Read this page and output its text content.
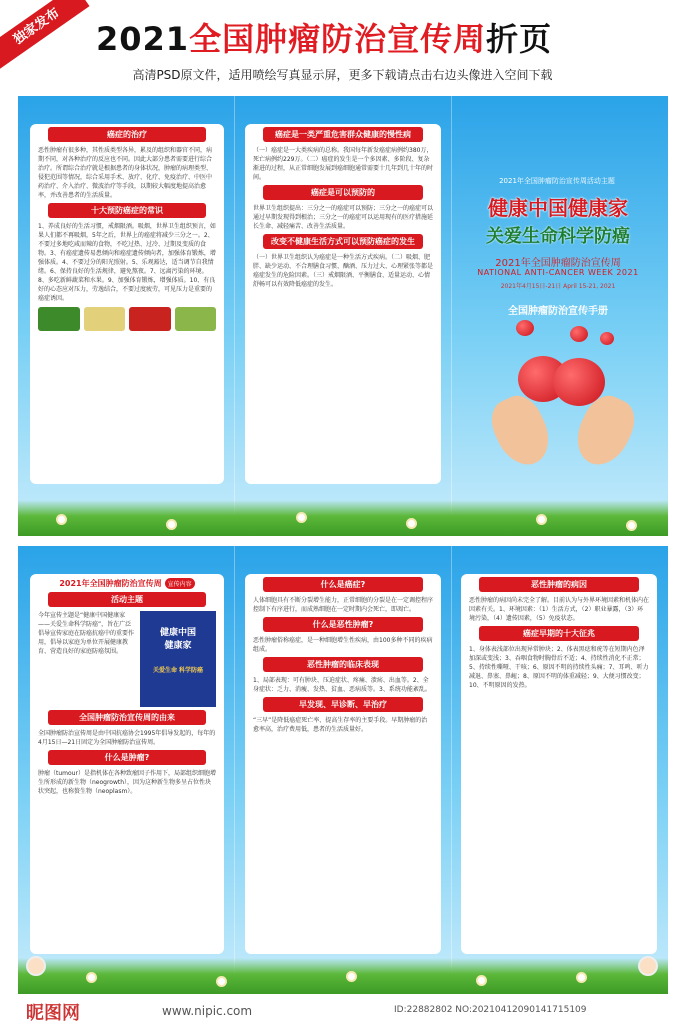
独家发布	2021全国肿瘤防治宣传周折页
高清PSD原文件，适用喷绘写真显示屏，更多下载请点击右边头像进入空间下载
癌症的治疗
恶性肿瘤有很多种，其性质类型各异，累及的组织和器官不同，病期不同，对各种治疗的反应也不同。因此大部分患者需要进行综合治疗。所谓综合治疗就是根据患者的身体状况，肿瘤的病理类型、侵犯范围等情况，综合采用手术、放疗、化疗、免疫治疗、中医中药治疗、介入治疗、微波治疗等手段，以期较大幅度地提高治愈率，并改善患者的生活质量。
十大预防癌症的常识
1、养成良好的生活习惯，戒烟限酒。吸烟，世界卫生组织预言，如果人们都不再吸烟，5年之后，世界上的癌症将减少三分之一。2、不要过多地吃咸而辣的食物，不吃过热、过冷、过期及变质的食物。3、有癌症遗传易患倾向和癌症遗传倾向者，加强体育锻炼，增强体质。4、不要过分的阳光照射。5、乐观豁达，适当调节自我情绪。6、保持良好的生活规律，避免熬夜。7、远离污染的环境。8、多吃新鲜蔬菜和水果。9、加强体育锻炼，增强体质。10、有良好的心态应对压力，劳逸结合，不要过度疲劳，可见压力是重要的癌症诱因。
癌症是一类严重危害群众健康的慢性病
（一）癌症是一大类疾病的总称。我国每年新发癌症病例约380万，死亡病例约229万。（二）癌症的发生是一个多因素、多阶段、复杂渐进的过程，从正常细胞发展到癌细胞通常需要十几年到几十年的时间。
癌症是可以预防的
世界卫生组织提出：三分之一的癌症可以预防；三分之一的癌症可以通过早期发现得到根治；三分之一的癌症可以运用现有的医疗措施延长生命、减轻痛苦、改善生活质量。
改变不健康生活方式可以预防癌症的发生
（一）世界卫生组织认为癌症是一种生活方式疾病。（二）吸烟、肥胖、缺少运动、不合理膳食习惯、酗酒、压力过大、心理紧张等都是癌症发生的危险因素。（三）戒烟限酒、平衡膳食、适量运动、心情舒畅可以有效降低癌症的发生。
2021年全国肿瘤防治宣传周活动主题
健康中国健康家
关爱生命科学防癌
2021年全国肿瘤防治宣传周
NATIONAL ANTI-CANCER WEEK 2021
2021年4月15日-21日 April 15-21, 2021
全国肿瘤防治宣传手册
2021年全国肿瘤防治宣传周	宣传内容
活动主题
今年宣传主题是“健康中国健康家——关爱生命科学防癌”，旨在广泛倡导宣传家庭在防癌抗癌中的重要作用，倡导以家庭为单位开展健康教育、营造良好的家庭防癌氛围。
健康中国
健康家
关爱生命 科学防癌
全国肿瘤防治宣传周的由来
全国肿瘤防治宣传周是由中国抗癌协会1995年倡导发起的，每年的4月15日—21日固定为全国肿瘤防治宣传周。
什么是肿瘤?
肿瘤（tumour）是指机体在各种致瘤因子作用下，局部组织细胞增生所形成的新生物（neogrowth），因为这种新生物多呈占位性块状突起，也称赘生物（neoplasm）。
什么是癌症?
人体细胞具有不断分裂增生能力，正常细胞的分裂是在一定调控程序控制下有序进行，而成熟细胞在一定时期内会死亡，即凋亡。
什么是恶性肿瘤?
恶性肿瘤俗称癌症，是一种细胞增生性疾病，由100多种不同的疾病组成。
恶性肿瘤的临床表现
1、局部表现：可有肿块、压迫症状、疼痛、溃疡、出血等。2、全身症状：乏力、消瘦、发热、贫血、恶病质等。3、系统功能紊乱。
早发现、早诊断、早治疗
“三早”是降低癌症死亡率、提高生存率的主要手段。早期肿瘤的治愈率高，治疗费用低，患者的生活质量好。
恶性肿瘤的病因
恶性肿瘤的病因尚未完全了解。目前认为与外界环境因素和机体内在因素有关。1、环境因素：（1）生活方式，（2）职业暴露，（3）环境污染，（4）遗传因素，（5）免疫状态。
癌症早期的十大征兆
1、身体表浅部位出现异常肿块；2、体表黑痣和疣等在短期内色泽加深或变浅；3、吞咽食物时胸骨后不适；4、持续性消化不正常；5、持续性嘶哑、干咳；6、原因不明的持续性头痛；7、耳鸣、听力减退、鼻塞、鼻衄；8、原因不明的体重减轻；9、大便习惯改变；10、不明原因的发热。
昵图网	www.nipic.com	ID:22882802 NO:20210412090141715109
